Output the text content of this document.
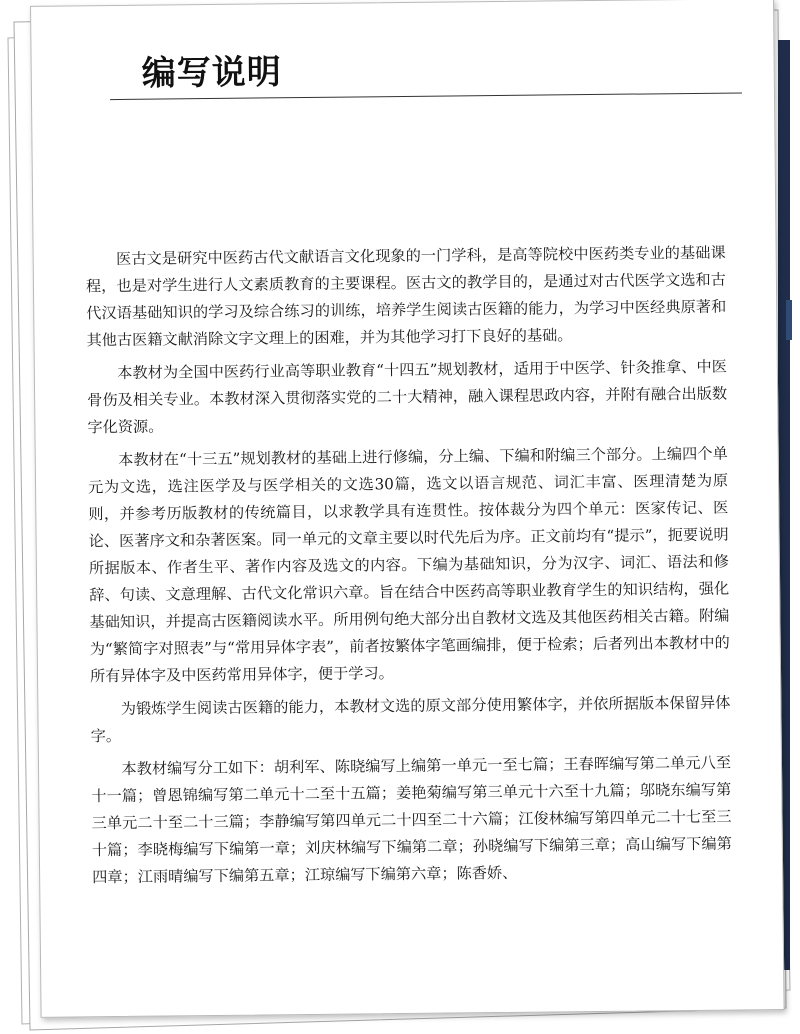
编写说明

医古文是研究中医药古代文献语言文化现象的一门学科，是高等院校中医药类专业的基础课程，也是对学生进行人文素质教育的主要课程。医古文的教学目的，是通过对古代医学文选和古代汉语基础知识的学习及综合练习的训练，培养学生阅读古医籍的能力，为学习中医经典原著和其他古医籍文献消除文字文理上的困难，并为其他学习打下良好的基础。

本教材为全国中医药行业高等职业教育“十四五”规划教材，适用于中医学、针灸推拿、中医骨伤及相关专业。本教材深入贯彻落实党的二十大精神，融入课程思政内容，并附有融合出版数字化资源。

本教材在“十三五”规划教材的基础上进行修编，分上编、下编和附编三个部分。上编四个单元为文选，选注医学及与医学相关的文选30篇，选文以语言规范、词汇丰富、医理清楚为原则，并参考历版教材的传统篇目，以求教学具有连贯性。按体裁分为四个单元：医家传记、医论、医著序文和杂著医案。同一单元的文章主要以时代先后为序。正文前均有“提示”，扼要说明所据版本、作者生平、著作内容及选文的内容。下编为基础知识，分为汉字、词汇、语法和修辞、句读、文意理解、古代文化常识六章。旨在结合中医药高等职业教育学生的知识结构，强化基础知识，并提高古医籍阅读水平。所用例句绝大部分出自教材文选及其他医药相关古籍。附编为“繁简字对照表”与“常用异体字表”，前者按繁体字笔画编排，便于检索；后者列出本教材中的所有异体字及中医药常用异体字，便于学习。

为锻炼学生阅读古医籍的能力，本教材文选的原文部分使用繁体字，并依所据版本保留异体字。

本教材编写分工如下：胡利军、陈晓编写上编第一单元一至七篇；王春晖编写第二单元八至十一篇；曾恩锦编写第二单元十二至十五篇；姜艳菊编写第三单元十六至十九篇；邬晓东编写第三单元二十至二十三篇；李静编写第四单元二十四至二十六篇；江俊林编写第四单元二十七至三十篇；李晓梅编写下编第一章；刘庆林编写下编第二章；孙晓编写下编第三章；高山编写下编第四章；江雨晴编写下编第五章；江琼编写下编第六章；陈香娇、
